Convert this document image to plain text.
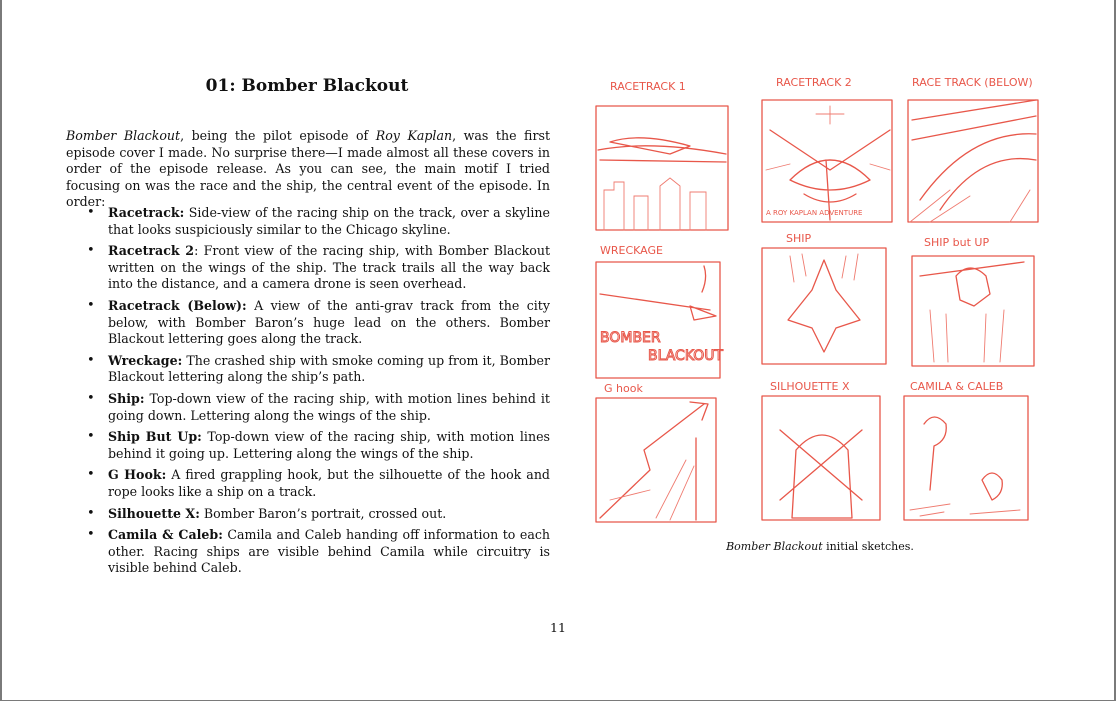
01: Bomber Blackout

Bomber Blackout, being the pilot episode of Roy Kaplan, was the first episode cover I made. No surprise there—I made almost all these covers in order of the episode release. As you can see, the main motif I tried focusing on was the race and the ship, the central event of the episode. In order:

• Racetrack: Side-view of the racing ship on the track, over a skyline that looks suspiciously similar to the Chicago skyline.
• Racetrack 2: Front view of the racing ship, with Bomber Blackout written on the wings of the ship. The track trails all the way back into the distance, and a camera drone is seen overhead.
• Racetrack (Below): A view of the anti-grav track from the city below, with Bomber Baron’s huge lead on the others. Bomber Blackout lettering goes along the track.
• Wreckage: The crashed ship with smoke coming up from it, Bomber Blackout lettering along the ship’s path.
• Ship: Top-down view of the racing ship, with motion lines behind it going down. Lettering along the wings of the ship.
• Ship But Up: Top-down view of the racing ship, with motion lines behind it going up. Lettering along the wings of the ship.
• G Hook: A fired grappling hook, but the silhouette of the hook and rope looks like a ship on a track.
• Silhouette X: Bomber Baron’s portrait, crossed out.
• Camila & Caleb: Camila and Caleb handing off information to each other. Racing ships are visible behind Camila while circuitry is visible behind Caleb.
RACETRACK 1	RACETRACK 2
A ROY KAPLAN ADVENTURE
RACE TRACK (BELOW)
WRECKAGE
BOMBER
BLACKOUT
SHIP	SHIP but UP
G hook	SILHOUETTE X	CAMILA & CALEB
Bomber Blackout initial sketches.
11
